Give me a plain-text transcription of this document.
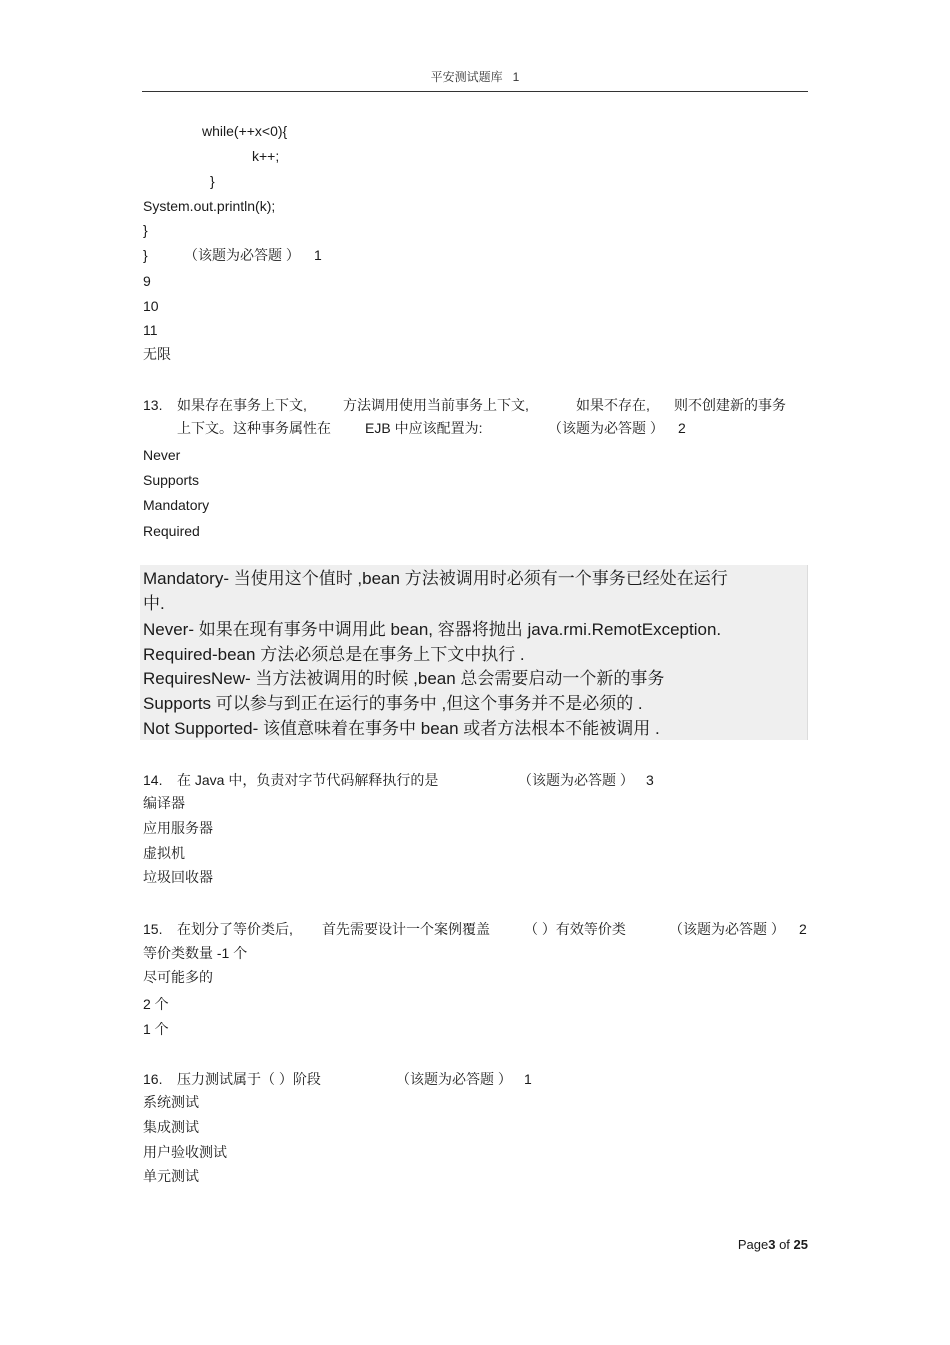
平安测试题库 1
while(++x<0){
k++;
}
System.out.println(k);
}
}	（该题为必答题 ） 1
9
10
11
无限
13. 如果存在事务上下文,	方法调用使用当前事务上下文,	如果不存在, 则不创建新的事务
上下文。这种事务属性在 EJB 中应该配置为:	（该题为必答题 ） 2
Never
Supports
Mandatory
Required
Mandatory- 当使用这个值时 ,bean 方法被调用时必须有一个事务已经处在运行
中.
Never- 如果在现有事务中调用此 bean, 容器将抛出 java.rmi.RemotException.
Required-bean 方法必须总是在事务上下文中执行 .
RequiresNew- 当方法被调用的时候 ,bean 总会需要启动一个新的事务
Supports 可以参与到正在运行的事务中 ,但这个事务并不是必须的 .
Not Supported- 该值意味着在事务中 bean 或者方法根本不能被调用 .
14. 在 Java 中，负责对字节代码解释执行的是	（该题为必答题 ） 3
编译器
应用服务器
虚拟机
垃圾回收器
15. 在划分了等价类后, 首先需要设计一个案例覆盖 （ ）有效等价类	（该题为必答题 ） 2
等价类数量 -1 个
尽可能多的
2 个
1 个
16. 压力测试属于（ ）阶段	（该题为必答题 ） 1
系统测试
集成测试
用户验收测试
单元测试
Page3 of 25
